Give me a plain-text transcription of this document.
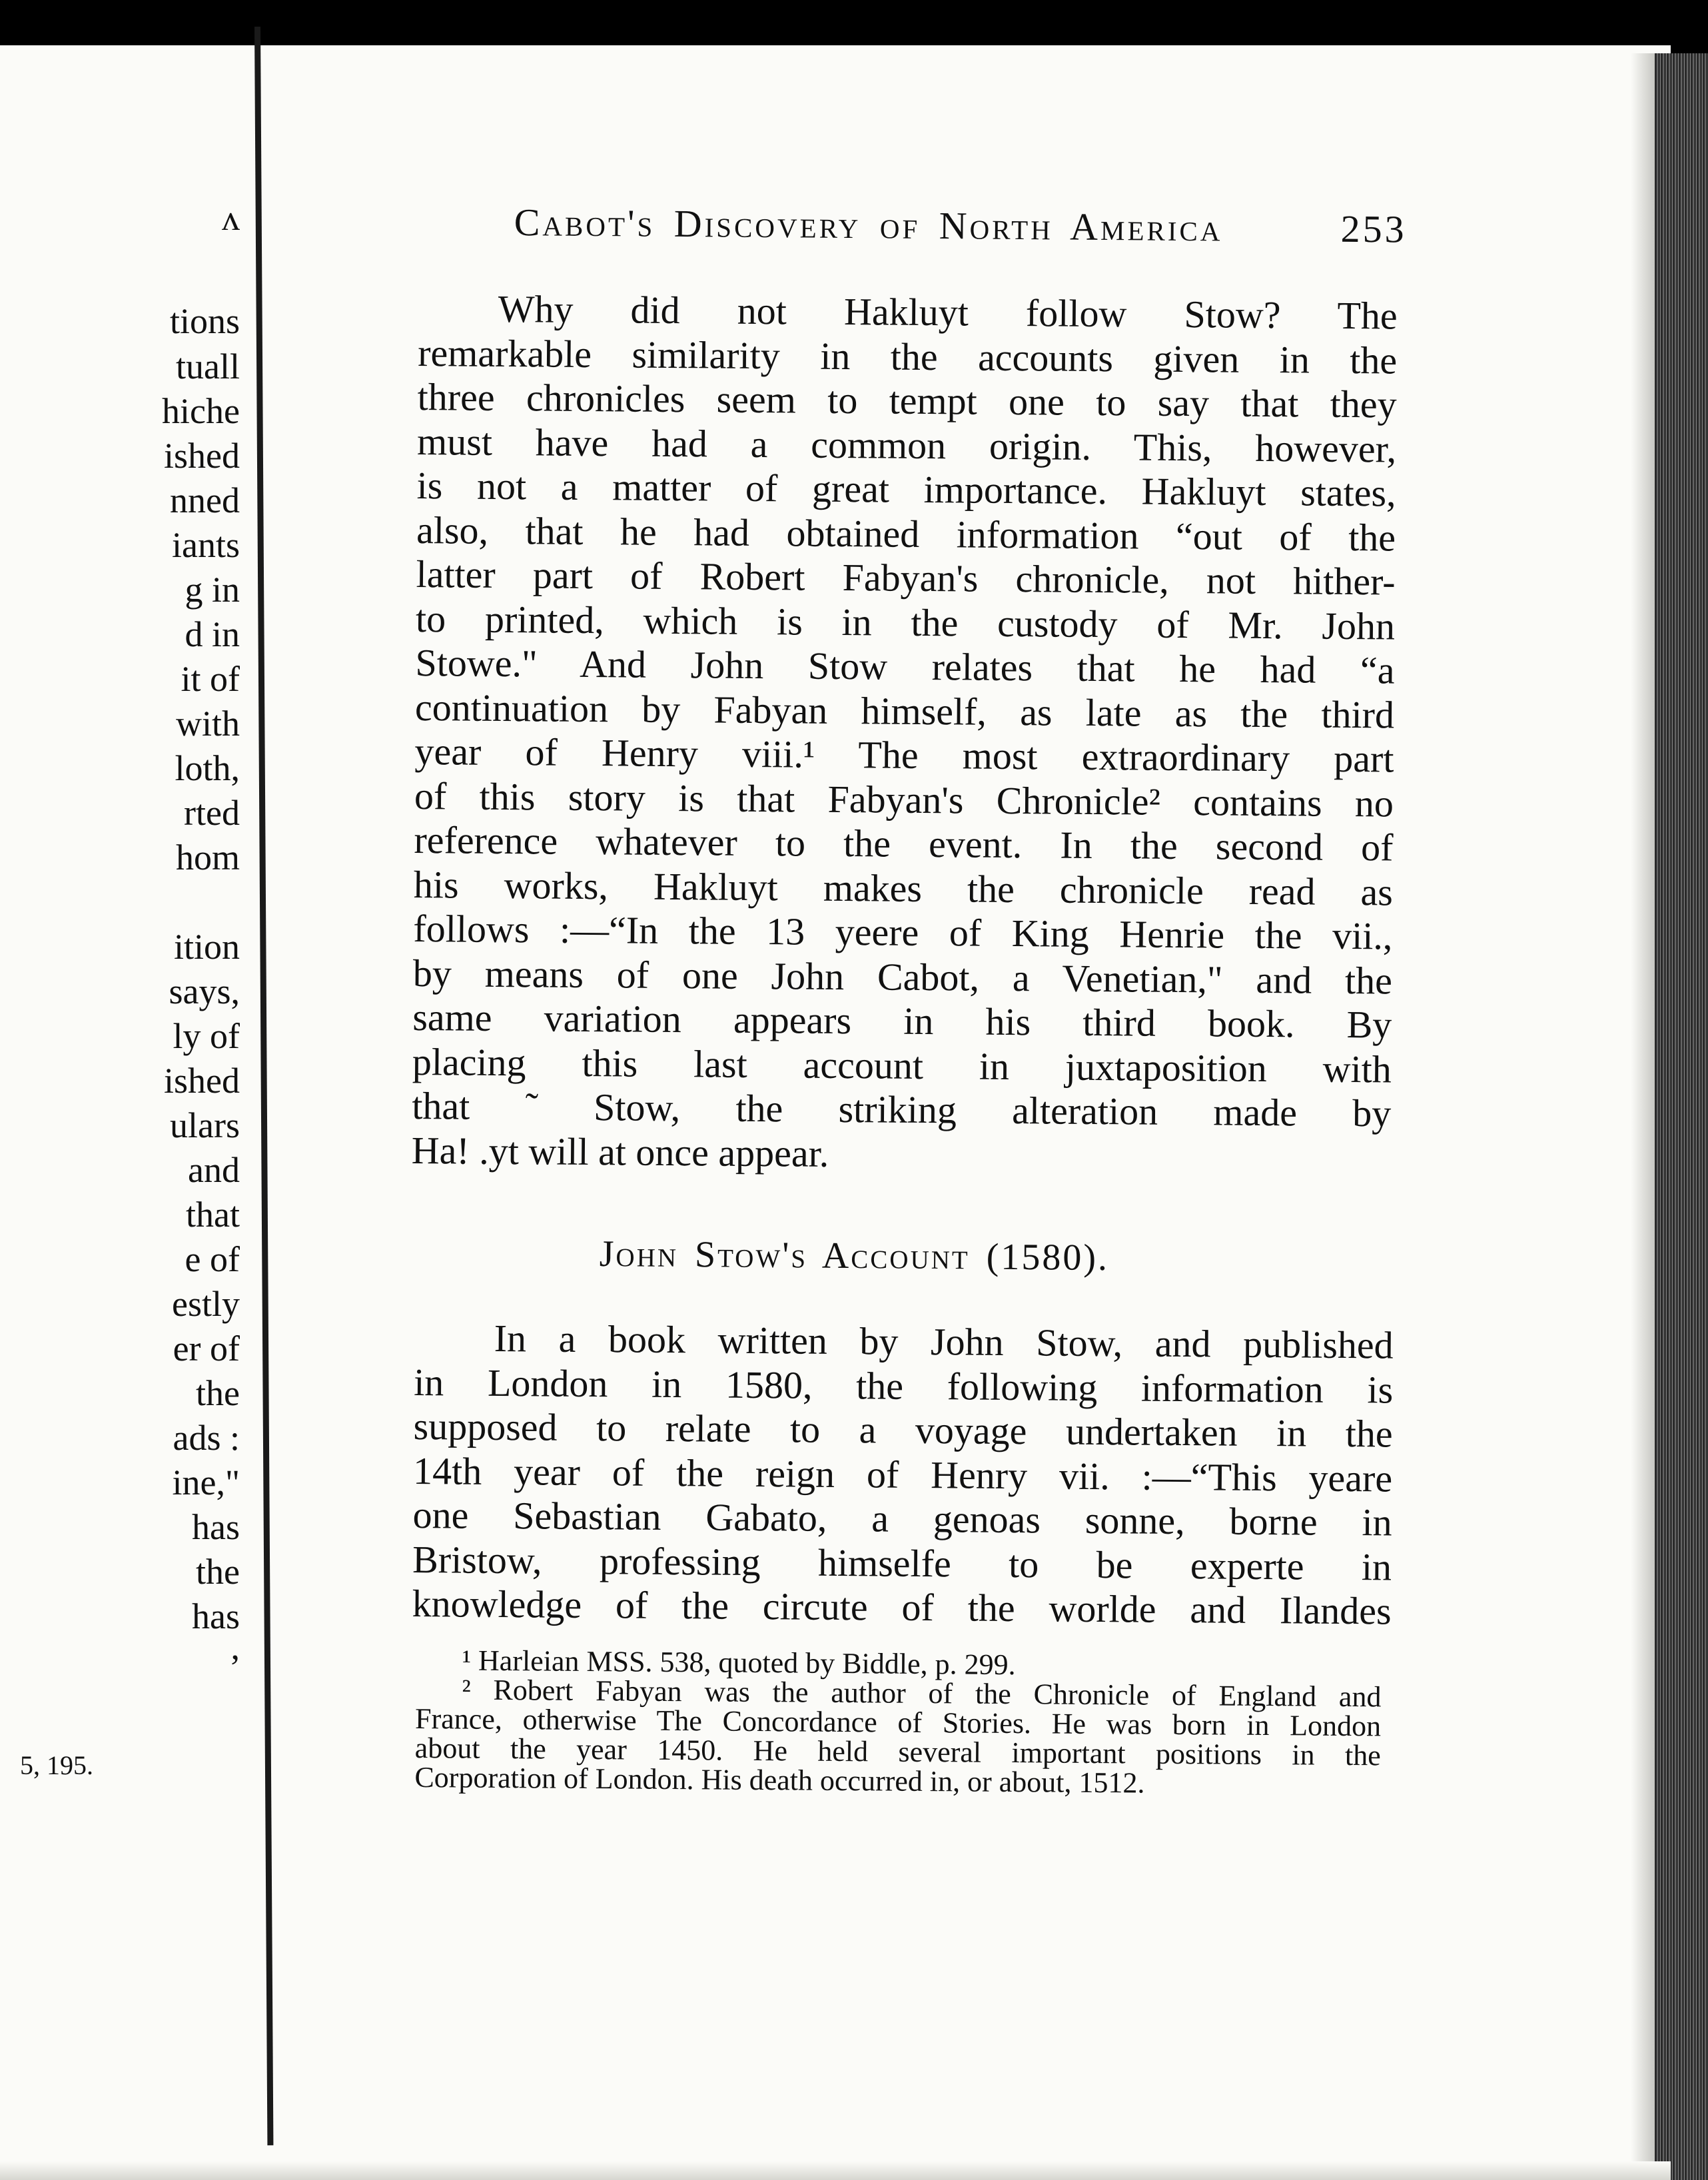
ʌ
tions
tuall
hiche
ished
nned
iants
g in
d in
it of
with
loth,
rted
hom
ition
says,
ly of
ished
ulars
and
that
e of
estly
er of
the
ads :
ine,"
has
the
has
,
5, 195.
Cabot's Discovery of North America	253
Why did not Hakluyt follow Stow? The
remarkable similarity in the accounts given in the
three chronicles seem to tempt one to say that they
must have had a common origin. This, however,
is not a matter of great importance. Hakluyt states,
also, that he had obtained information “out of the
latter part of Robert Fabyan's chronicle, not hither-
to printed, which is in the custody of Mr. John
Stowe." And John Stow relates that he had “a
continuation by Fabyan himself, as late as the third
year of Henry viii.¹ The most extraordinary part
of this story is that Fabyan's Chronicle² contains no
reference whatever to the event. In the second of
his works, Hakluyt makes the chronicle read as
follows :—“In the 13 yeere of King Henrie the vii.,
by means of one John Cabot, a Venetian," and the
same variation appears in his third book. By
placing this last account in juxtaposition with
that ˜ Stow, the striking alteration made by
Ha! .yt will at once appear.
John Stow's Account (1580).
In a book written by John Stow, and published
in London in 1580, the following information is
supposed to relate to a voyage undertaken in the
14th year of the reign of Henry vii. :—“This yeare
one Sebastian Gabato, a genoas sonne, borne in
Bristow, professing himselfe to be experte in
knowledge of the circute of the worlde and Ilandes
¹ Harleian MSS. 538, quoted by Biddle, p. 299.
² Robert Fabyan was the author of the Chronicle of England and
France, otherwise The Concordance of Stories. He was born in London
about the year 1450. He held several important positions in the
Corporation of London. His death occurred in, or about, 1512.
